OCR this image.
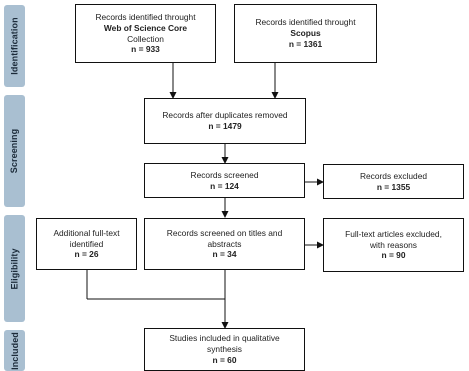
Identification
Screening
Eligibility
Included
Records identified throught
Web of Science Core
Collection
n = 933
Records identified throught
Scopus
n = 1361
Records after duplicates removed
n = 1479
Records screened
n = 124
Records excluded
n = 1355
Additional full-text
identified
n = 26
Records screened on titles and
abstracts
n = 34
Full-text articles excluded,
with reasons
n = 90
Studies included in qualitative
synthesis
n = 60
